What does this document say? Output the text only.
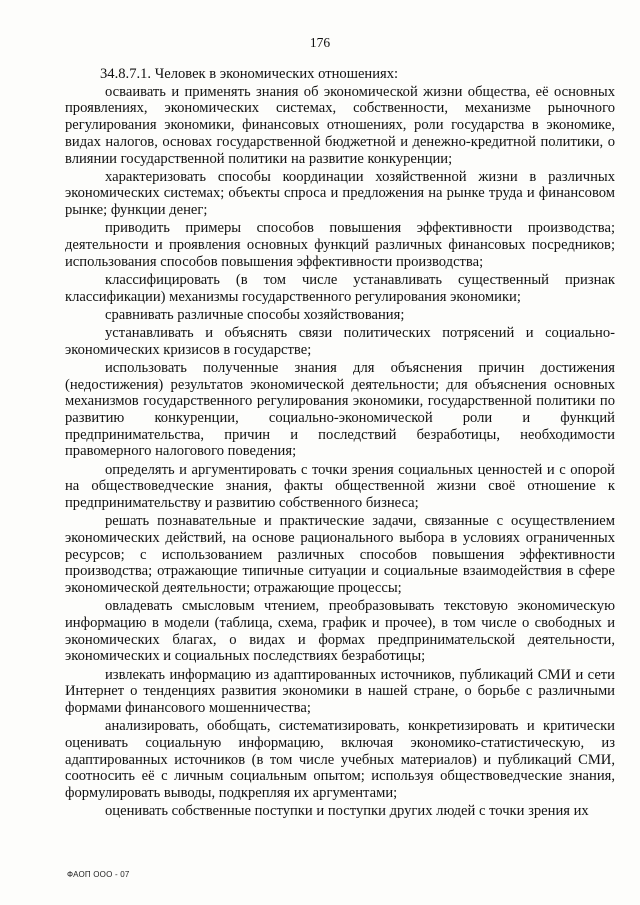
176

34.8.7.1. Человек в экономических отношениях:

осваивать и применять знания об экономической жизни общества, её основных проявлениях, экономических системах, собственности, механизме рыночного регулирования экономики, финансовых отношениях, роли государства в экономике, видах налогов, основах государственной бюджетной и денежно-кредитной политики, о влиянии государственной политики на развитие конкуренции;

характеризовать способы координации хозяйственной жизни в различных экономических системах; объекты спроса и предложения на рынке труда и финансовом рынке; функции денег;

приводить примеры способов повышения эффективности производства; деятельности и проявления основных функций различных финансовых посредников; использования способов повышения эффективности производства;

классифицировать (в том числе устанавливать существенный признак классификации) механизмы государственного регулирования экономики;

сравнивать различные способы хозяйствования;

устанавливать и объяснять связи политических потрясений и социально-экономических кризисов в государстве;

использовать полученные знания для объяснения причин достижения (недостижения) результатов экономической деятельности; для объяснения основных механизмов государственного регулирования экономики, государственной политики по развитию конкуренции, социально-экономической роли и функций предпринимательства, причин и последствий безработицы, необходимости правомерного налогового поведения;

определять и аргументировать с точки зрения социальных ценностей и с опорой на обществоведческие знания, факты общественной жизни своё отношение к предпринимательству и развитию собственного бизнеса;

решать познавательные и практические задачи, связанные с осуществлением экономических действий, на основе рационального выбора в условиях ограниченных ресурсов; с использованием различных способов повышения эффективности производства; отражающие типичные ситуации и социальные взаимодействия в сфере экономической деятельности; отражающие процессы;

овладевать смысловым чтением, преобразовывать текстовую экономическую информацию в модели (таблица, схема, график и прочее), в том числе о свободных и экономических благах, о видах и формах предпринимательской деятельности, экономических и социальных последствиях безработицы;

извлекать информацию из адаптированных источников, публикаций СМИ и сети Интернет о тенденциях развития экономики в нашей стране, о борьбе с различными формами финансового мошенничества;

анализировать, обобщать, систематизировать, конкретизировать и критически оценивать социальную информацию, включая экономико-статистическую, из адаптированных источников (в том числе учебных материалов) и публикаций СМИ, соотносить её с личным социальным опытом; используя обществоведческие знания, формулировать выводы, подкрепляя их аргументами;

оценивать собственные поступки и поступки других людей с точки зрения их

ФАОП ООО - 07
